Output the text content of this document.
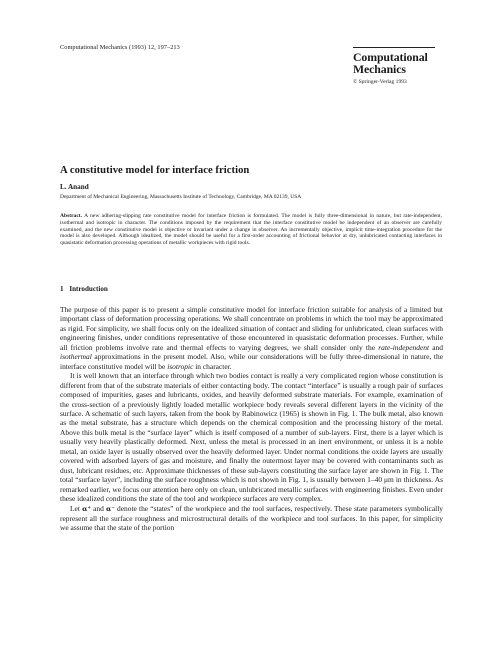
Computational Mechanics (1993) 12, 197–213
Computational
Mechanics
© Springer-Verlag 1993
A constitutive model for interface friction
L. Anand
Department of Mechanical Engineering, Massachusetts Institute of Technology, Cambridge, MA 02139, USA
Abstract. A new adhering-slipping rate constitutive model for interface friction is formulated. The model is fully three-dimensional in nature, but rate-independent, isothermal and isotropic in character. The conditions imposed by the requirement that the interface constitutive model be independent of an observer are carefully examined, and the new constitutive model is objective or invariant under a change in observer. An incrementally objective, implicit time-integration procedure for the model is also developed. Although idealized, the model should be useful for a first-order accounting of frictional behavior at dry, unlubricated contacting interfaces in quasistatic deformation processing operations of metallic workpieces with rigid tools.
1 Introduction

The purpose of this paper is to present a simple constitutive model for interface friction suitable for analysis of a limited but important class of deformation processing operations. We shall concentrate on problems in which the tool may be approximated as rigid. For simplicity, we shall focus only on the idealized situation of contact and sliding for unlubricated, clean surfaces with engineering finishes, under conditions representative of those encountered in quasistatic deformation processes. Further, while all friction problems involve rate and thermal effects to varying degrees, we shall consider only the rate-independent and isothermal approximations in the present model. Also, while our considerations will be fully three-dimensional in nature, the interface constitutive model will be isotropic in character.

It is well known that an interface through which two bodies contact is really a very complicated region whose constitution is different from that of the substrate materials of either contacting body. The contact “interface” is usually a rough pair of surfaces composed of impurities, gases and lubricants, oxides, and heavily deformed substrate materials. For example, examination of the cross-section of a previously lightly loaded metallic workpiece body reveals several different layers in the vicinity of the surface. A schematic of such layers, taken from the book by Rabinowicz (1965) is shown in Fig. 1. The bulk metal, also known as the metal substrate, has a structure which depends on the chemical composition and the processing history of the metal. Above this bulk metal is the “surface layer” which is itself composed of a number of sub-layers. First, there is a layer which is usually very heavily plastically deformed. Next, unless the metal is processed in an inert environment, or unless it is a noble metal, an oxide layer is usually observed over the heavily deformed layer. Under normal conditions the oxide layers are usually covered with adsorbed layers of gas and moisture, and finally the outermost layer may be covered with contaminants such as dust, lubricant residues, etc. Approximate thicknesses of these sub-layers constituting the surface layer are shown in Fig. 1. The total “surface layer”, including the surface roughness which is not shown in Fig. 1, is usually between 1–40 μm in thickness. As remarked earlier, we focus our attention here only on clean, unlubricated metallic surfaces with engineering finishes. Even under these idealized conditions the state of the tool and workpiece surfaces are very complex.

Let α⁺ and α⁻ denote the “states” of the workpiece and the tool surfaces, respectively. These state parameters symbolically represent all the surface roughness and microstructural details of the workpiece and tool surfaces. In this paper, for simplicity we assume that the state of the portion
